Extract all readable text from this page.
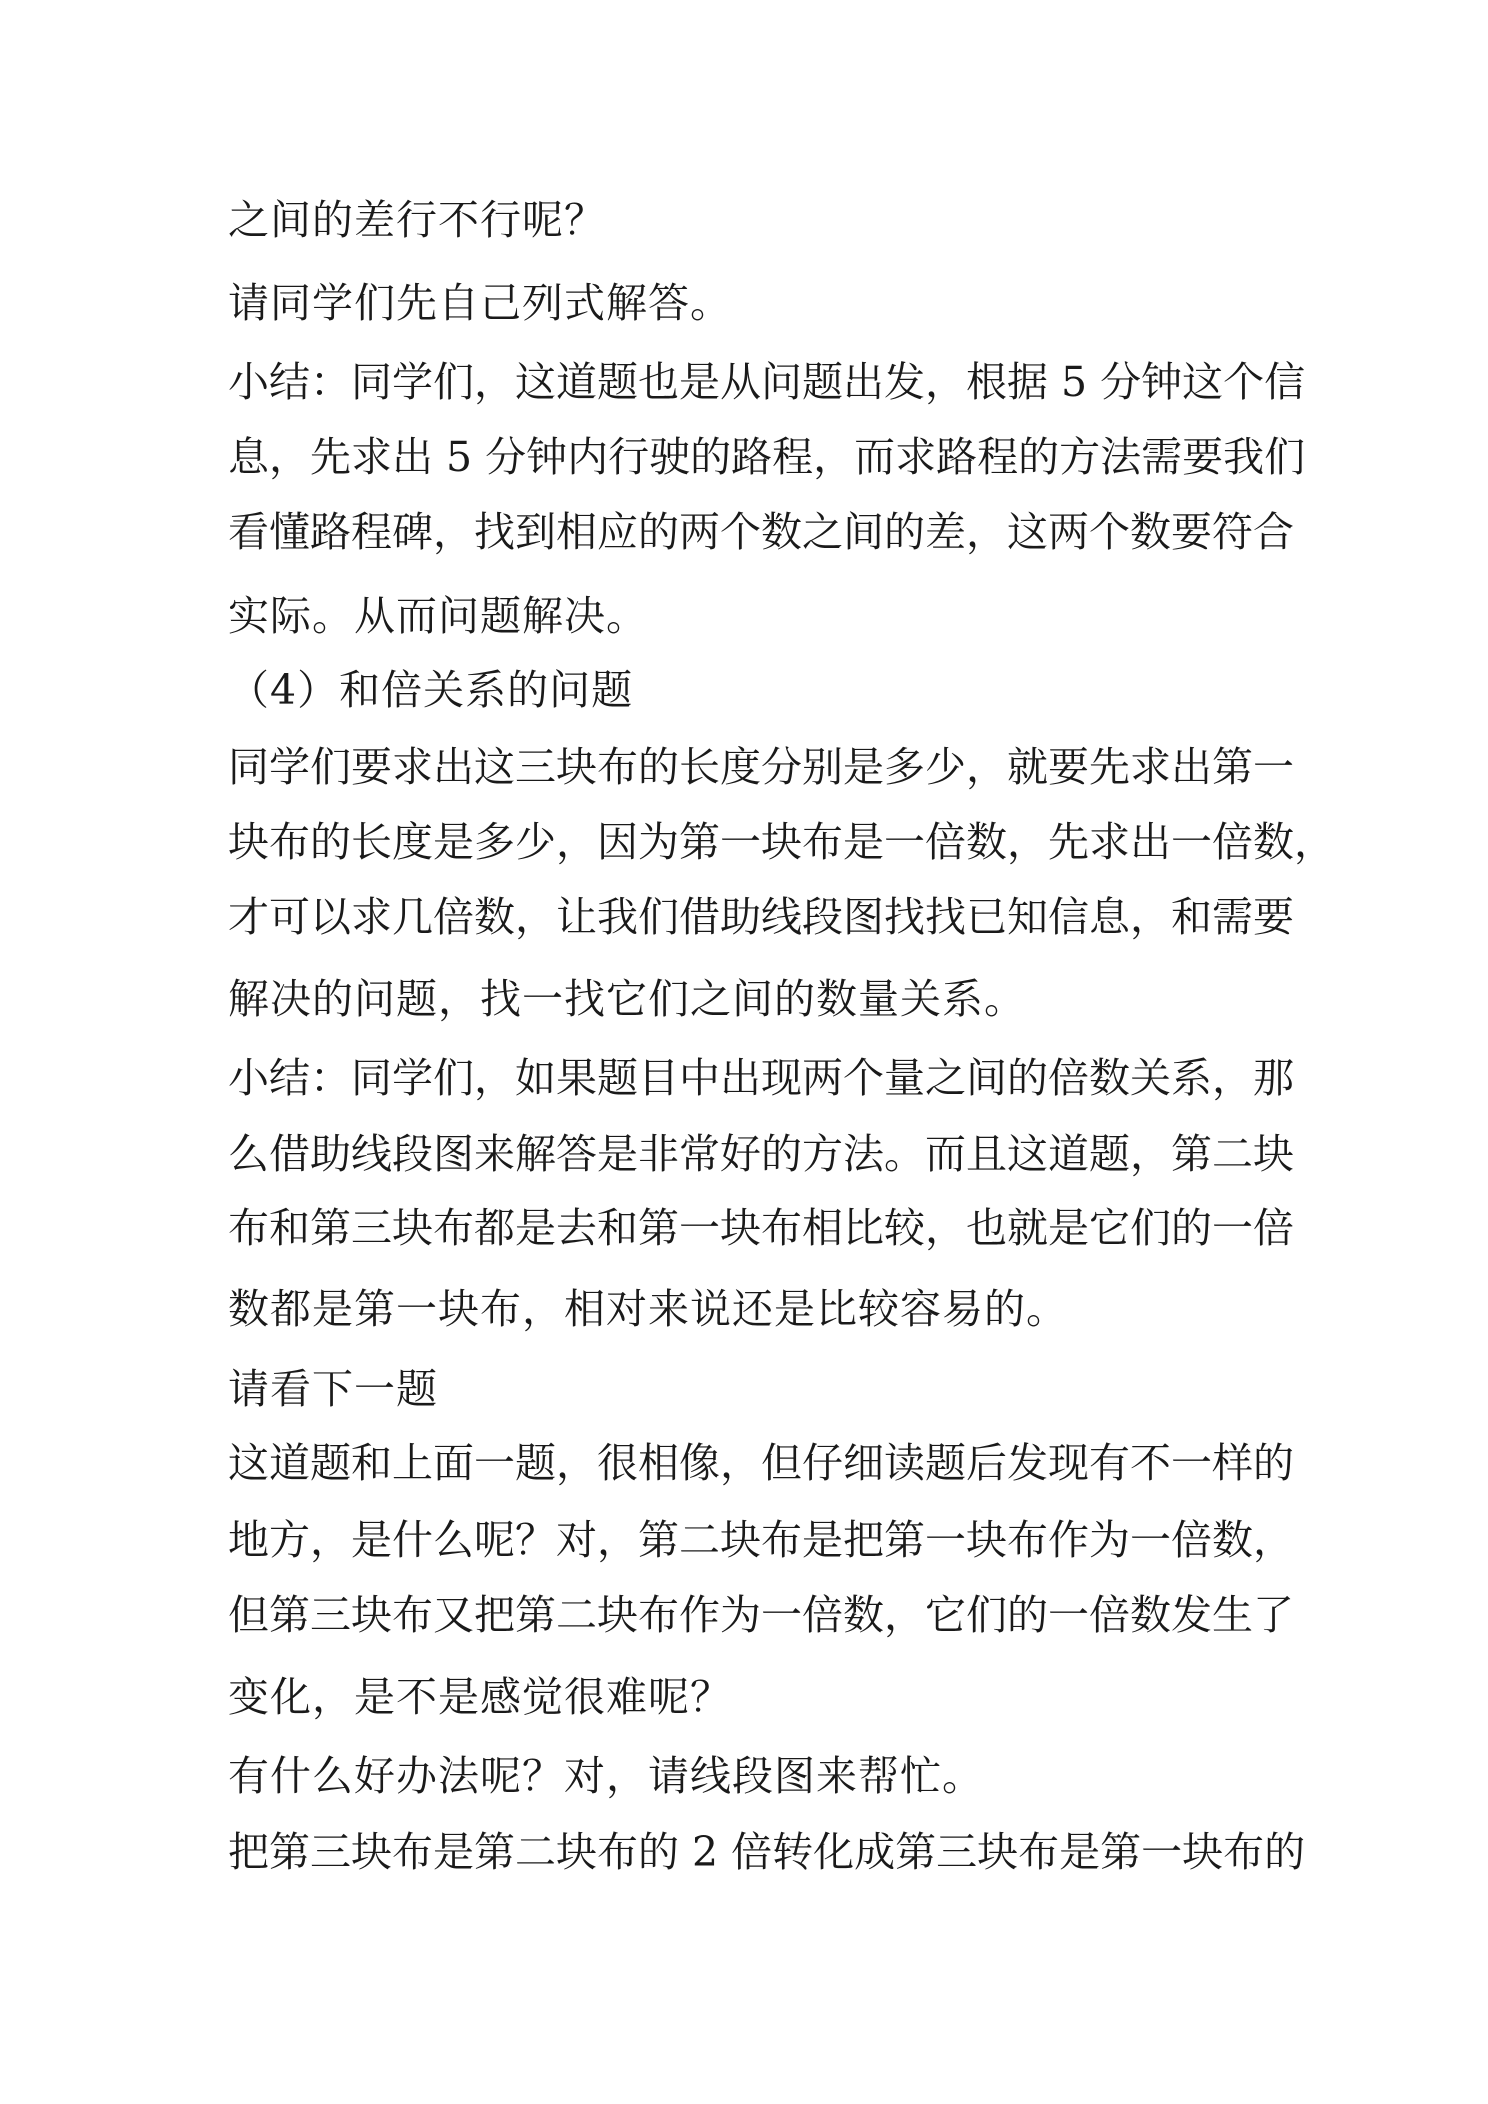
之间的差行不行呢？
请同学们先自己列式解答。
小结：同学们，这道题也是从问题出发，根据 5 分钟这个信
息，先求出 5 分钟内行驶的路程，而求路程的方法需要我们
看懂路程碑，找到相应的两个数之间的差，这两个数要符合
实际。从而问题解决。
（4）和倍关系的问题
同学们要求出这三块布的长度分别是多少，就要先求出第一
块布的长度是多少，因为第一块布是一倍数，先求出一倍数，
才可以求几倍数，让我们借助线段图找找已知信息，和需要
解决的问题，找一找它们之间的数量关系。
小结：同学们，如果题目中出现两个量之间的倍数关系，那
么借助线段图来解答是非常好的方法。而且这道题，第二块
布和第三块布都是去和第一块布相比较，也就是它们的一倍
数都是第一块布，相对来说还是比较容易的。
请看下一题
这道题和上面一题，很相像，但仔细读题后发现有不一样的
地方，是什么呢？对，第二块布是把第一块布作为一倍数，
但第三块布又把第二块布作为一倍数，它们的一倍数发生了
变化，是不是感觉很难呢？
有什么好办法呢？对，请线段图来帮忙。
把第三块布是第二块布的 2 倍转化成第三块布是第一块布的
